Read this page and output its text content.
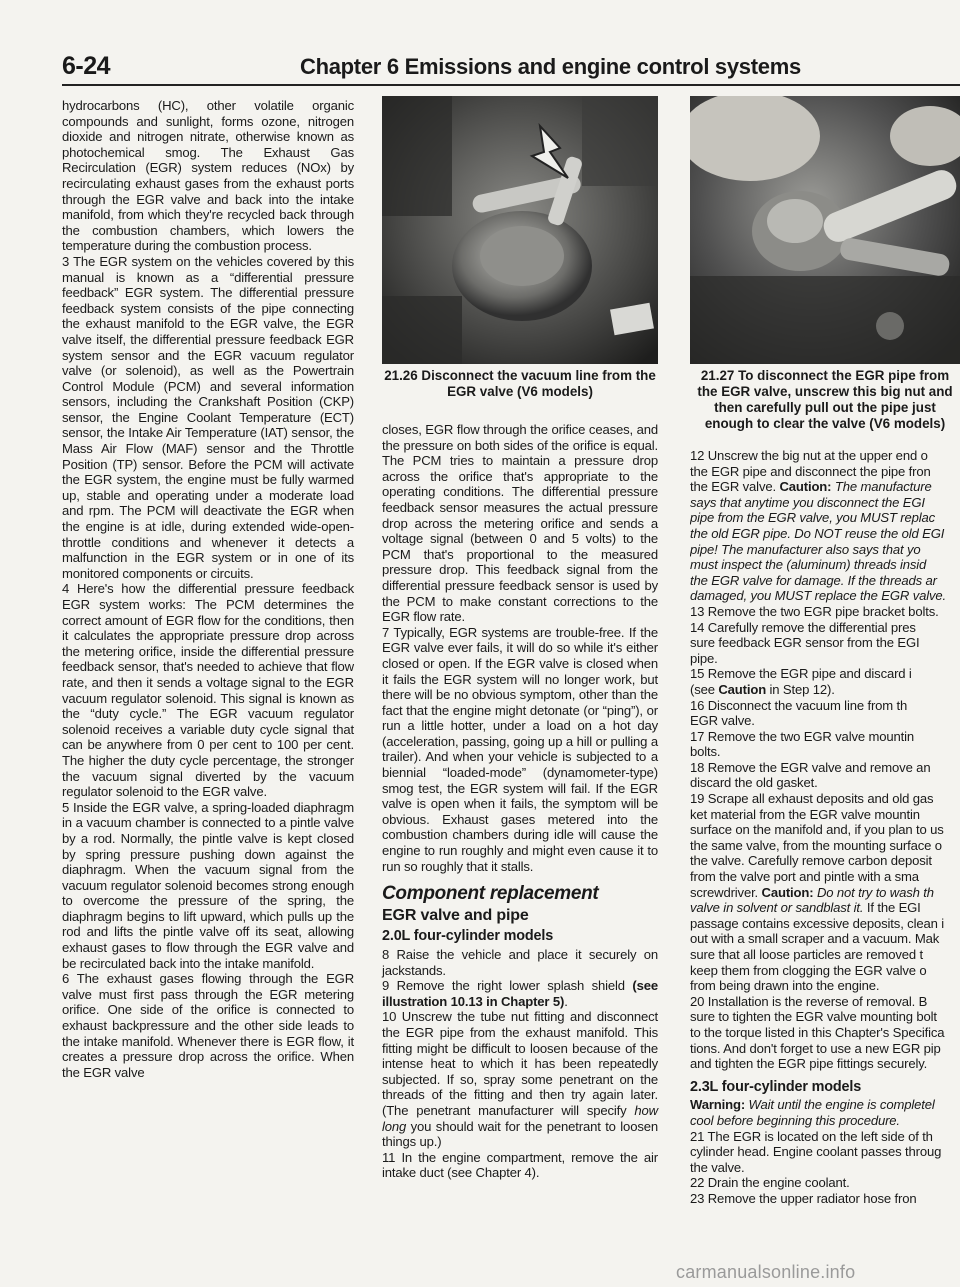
6-24	Chapter 6 Emissions and engine control systems

hydrocarbons (HC), other volatile organic compounds and sunlight, forms ozone, nitrogen dioxide and nitrogen nitrate, otherwise known as photochemical smog. The Exhaust Gas Recirculation (EGR) system reduces (NOx) by recirculating exhaust gases from the exhaust ports through the EGR valve and back into the intake manifold, from which they're recycled back through the combustion chambers, which lowers the temperature during the combustion process.

3 The EGR system on the vehicles covered by this manual is known as a “differential pressure feedback” EGR system. The differential pressure feedback system consists of the pipe connecting the exhaust manifold to the EGR valve, the EGR valve itself, the differential pressure feedback EGR system sensor and the EGR vacuum regulator valve (or solenoid), as well as the Powertrain Control Module (PCM) and several information sensors, including the Crankshaft Position (CKP) sensor, the Engine Coolant Temperature (ECT) sensor, the Intake Air Temperature (IAT) sensor, the Mass Air Flow (MAF) sensor and the Throttle Position (TP) sensor. Before the PCM will activate the EGR system, the engine must be fully warmed up, stable and operating under a moderate load and rpm. The PCM will deactivate the EGR when the engine is at idle, during extended wide-open-throttle conditions and whenever it detects a malfunction in the EGR system or in one of its monitored components or circuits.

4 Here's how the differential pressure feedback EGR system works: The PCM determines the correct amount of EGR flow for the conditions, then it calculates the appropriate pressure drop across the metering orifice, inside the differential pressure feedback sensor, that's needed to achieve that flow rate, and then it sends a voltage signal to the EGR vacuum regulator solenoid. This signal is known as the “duty cycle.” The EGR vacuum regulator solenoid receives a variable duty cycle signal that can be anywhere from 0 per cent to 100 per cent. The higher the duty cycle percentage, the stronger the vacuum signal diverted by the vacuum regulator solenoid to the EGR valve.

5 Inside the EGR valve, a spring-loaded diaphragm in a vacuum chamber is connected to a pintle valve by a rod. Normally, the pintle valve is kept closed by spring pressure pushing down against the diaphragm. When the vacuum signal from the vacuum regulator solenoid becomes strong enough to overcome the pressure of the spring, the diaphragm begins to lift upward, which pulls up the rod and lifts the pintle valve off its seat, allowing exhaust gases to flow through the EGR valve and be recirculated back into the intake manifold.

6 The exhaust gases flowing through the EGR valve must first pass through the EGR metering orifice. One side of the orifice is connected to exhaust backpressure and the other side leads to the intake manifold. Whenever there is EGR flow, it creates a pressure drop across the orifice. When the EGR valve

21.26 Disconnect the vacuum line from the EGR valve (V6 models)
21.27 To disconnect the EGR pipe from the EGR valve, unscrew this big nut and then carefully pull out the pipe just enough to clear the valve (V6 models)

closes, EGR flow through the orifice ceases, and the pressure on both sides of the orifice is equal. The PCM tries to maintain a pressure drop across the orifice that's appropriate to the operating conditions. The differential pressure feedback sensor measures the actual pressure drop across the metering orifice and sends a voltage signal (between 0 and 5 volts) to the PCM that's proportional to the measured pressure drop. This feedback signal from the differential pressure feedback sensor is used by the PCM to make constant corrections to the EGR flow rate.

7 Typically, EGR systems are trouble-free. If the EGR valve ever fails, it will do so while it's either closed or open. If the EGR valve is closed when it fails the EGR system will no longer work, but there will be no obvious symptom, other than the fact that the engine might detonate (or “ping”), or run a little hotter, under a load on a hot day (acceleration, passing, going up a hill or pulling a trailer). And when your vehicle is subjected to a biennial “loaded-mode” (dynamometer-type) smog test, the EGR system will fail. If the EGR valve is open when it fails, the symptom will be obvious. Exhaust gases metered into the combustion chambers during idle will cause the engine to run roughly and might even cause it to run so roughly that it stalls.

Component replacement
EGR valve and pipe
2.0L four-cylinder models

8 Raise the vehicle and place it securely on jackstands.

9 Remove the right lower splash shield (see illustration 10.13 in Chapter 5).

10 Unscrew the tube nut fitting and disconnect the EGR pipe from the exhaust manifold. This fitting might be difficult to loosen because of the intense heat to which it has been repeatedly subjected. If so, spray some penetrant on the threads of the fitting and then try again later. (The penetrant manufacturer will specify how long you should wait for the penetrant to loosen things up.)

11 In the engine compartment, remove the air intake duct (see Chapter 4).

12 Unscrew the big nut at the upper end o

the EGR pipe and disconnect the pipe fron

the EGR valve. Caution: The manufacture

says that anytime you disconnect the EGI

pipe from the EGR valve, you MUST replac

the old EGR pipe. Do NOT reuse the old EGI

pipe! The manufacturer also says that yo

must inspect the (aluminum) threads insid

the EGR valve for damage. If the threads ar

damaged, you MUST replace the EGR valve.

13 Remove the two EGR pipe bracket bolts.

14 Carefully remove the differential pres

sure feedback EGR sensor from the EGI

pipe.

15 Remove the EGR pipe and discard i

(see Caution in Step 12).

16 Disconnect the vacuum line from th

EGR valve.

17 Remove the two EGR valve mountin

bolts.

18 Remove the EGR valve and remove an

discard the old gasket.

19 Scrape all exhaust deposits and old gas

ket material from the EGR valve mountin

surface on the manifold and, if you plan to us

the same valve, from the mounting surface o

the valve. Carefully remove carbon deposit

from the valve port and pintle with a sma

screwdriver. Caution: Do not try to wash th

valve in solvent or sandblast it. If the EGI

passage contains excessive deposits, clean i

out with a small scraper and a vacuum. Mak

sure that all loose particles are removed t

keep them from clogging the EGR valve o

from being drawn into the engine.

20 Installation is the reverse of removal. B

sure to tighten the EGR valve mounting bolt

to the torque listed in this Chapter's Specifica

tions. And don't forget to use a new EGR pip

and tighten the EGR pipe fittings securely.

2.3L four-cylinder models

Warning: Wait until the engine is completel

cool before beginning this procedure.

21 The EGR is located on the left side of th

cylinder head. Engine coolant passes throug

the valve.

22 Drain the engine coolant.

23 Remove the upper radiator hose fron

carmanualsonline.info
